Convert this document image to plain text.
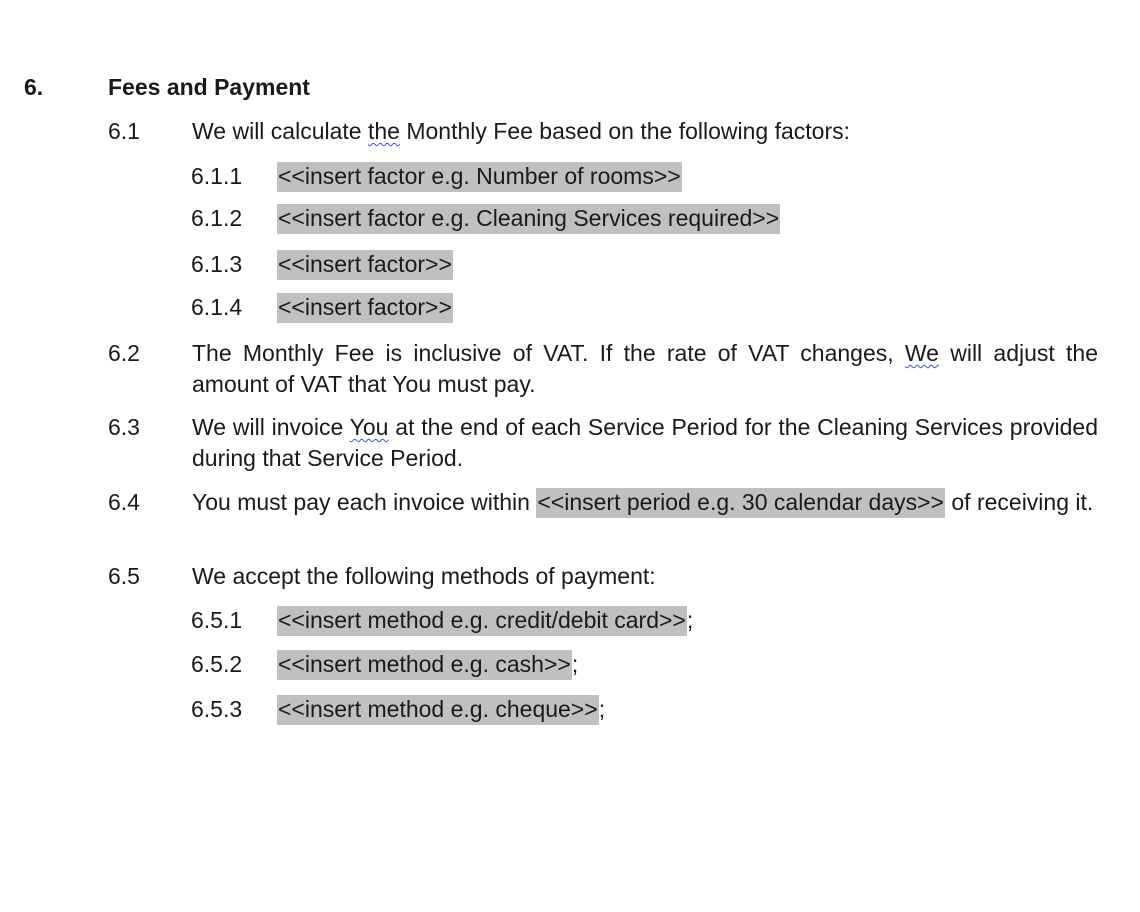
6.	Fees and Payment
6.1 We will calculate the Monthly Fee based on the following factors:
6.1.1 <<insert factor e.g. Number of rooms>>
6.1.2 <<insert factor e.g. Cleaning Services required>>
6.1.3 <<insert factor>>
6.1.4 <<insert factor>>
6.2 The Monthly Fee is inclusive of VAT. If the rate of VAT changes, We will adjust the amount of VAT that You must pay.
6.3 We will invoice You at the end of each Service Period for the Cleaning Services provided during that Service Period.
6.4 You must pay each invoice within <<insert period e.g. 30 calendar days>> of receiving it.
6.5 We accept the following methods of payment:
6.5.1 <<insert method e.g. credit/debit card>>;
6.5.2 <<insert method e.g. cash>>;
6.5.3 <<insert method e.g. cheque>>;
